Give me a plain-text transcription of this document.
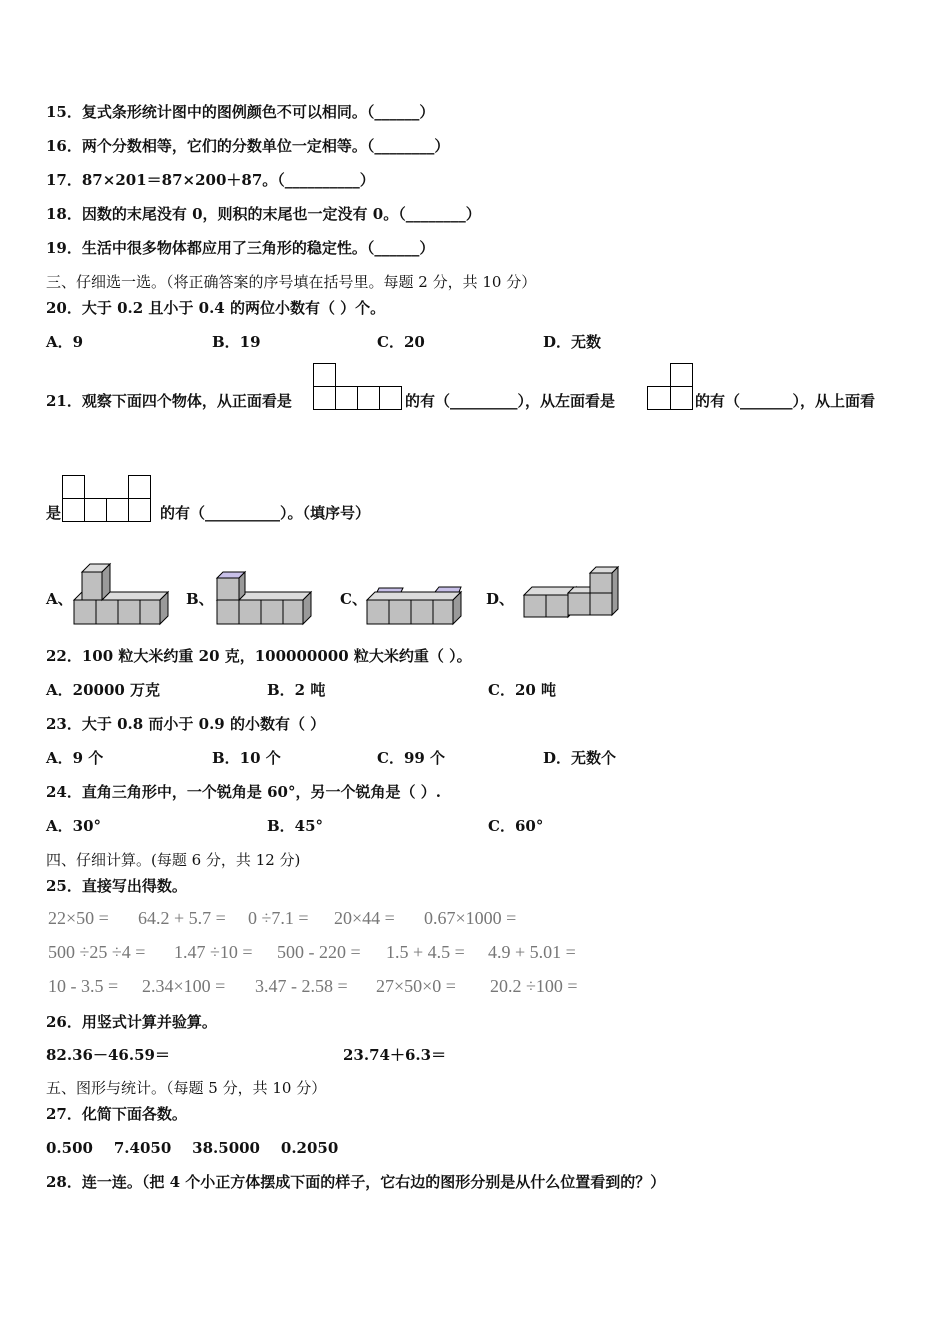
15．复式条形统计图中的图例颜色不可以相同。（______）
16．两个分数相等，它们的分数单位一定相等。（________）
17．87×201＝87×200＋87。（__________）
18．因数的末尾没有 0，则积的末尾也一定没有 0。（________）
19．生活中很多物体都应用了三角形的稳定性。（______）
三、仔细选一选。（将正确答案的序号填在括号里。每题 2 分，共 10 分）
20．大于 0.2 且小于 0.4 的两位小数有（ ）个。
A．9	B．19	C．20	D．无数
21．观察下面四个物体，从正面看是	的有（_________），从左面看是	的有（_______），从上面看
是	的有（__________）。（填序号）
A、	B、	C、	D、
22．100 粒大米约重 20 克，100000000 粒大米约重（ ）。
A．20000 万克	B．2 吨	C．20 吨
23．大于 0.8 而小于 0.9 的小数有（ ）
A．9 个	B．10 个	C．99 个	D．无数个
24．直角三角形中，一个锐角是 60°，另一个锐角是（ ）.
A．30°	B．45°	C．60°
四、仔细计算。(每题 6 分，共 12 分)
25．直接写出得数。
22×50 = 64.2 + 5.7 = 0 ÷7.1 = 20×44 = 0.67×1000 =
500 ÷25 ÷4 = 1.47 ÷10 = 500 - 220 = 1.5 + 4.5 = 4.9 + 5.01 =
10 - 3.5 = 2.34×100 = 3.47 - 2.58 = 27×50×0 = 20.2 ÷100 =
26．用竖式计算并验算。
82.36－46.59＝	23.74＋6.3＝
五、图形与统计。（每题 5 分，共 10 分）
27．化简下面各数。
0.500    7.4050    38.5000    0.2050
28．连一连。（把 4 个小正方体摆成下面的样子，它右边的图形分别是从什么位置看到的？）
